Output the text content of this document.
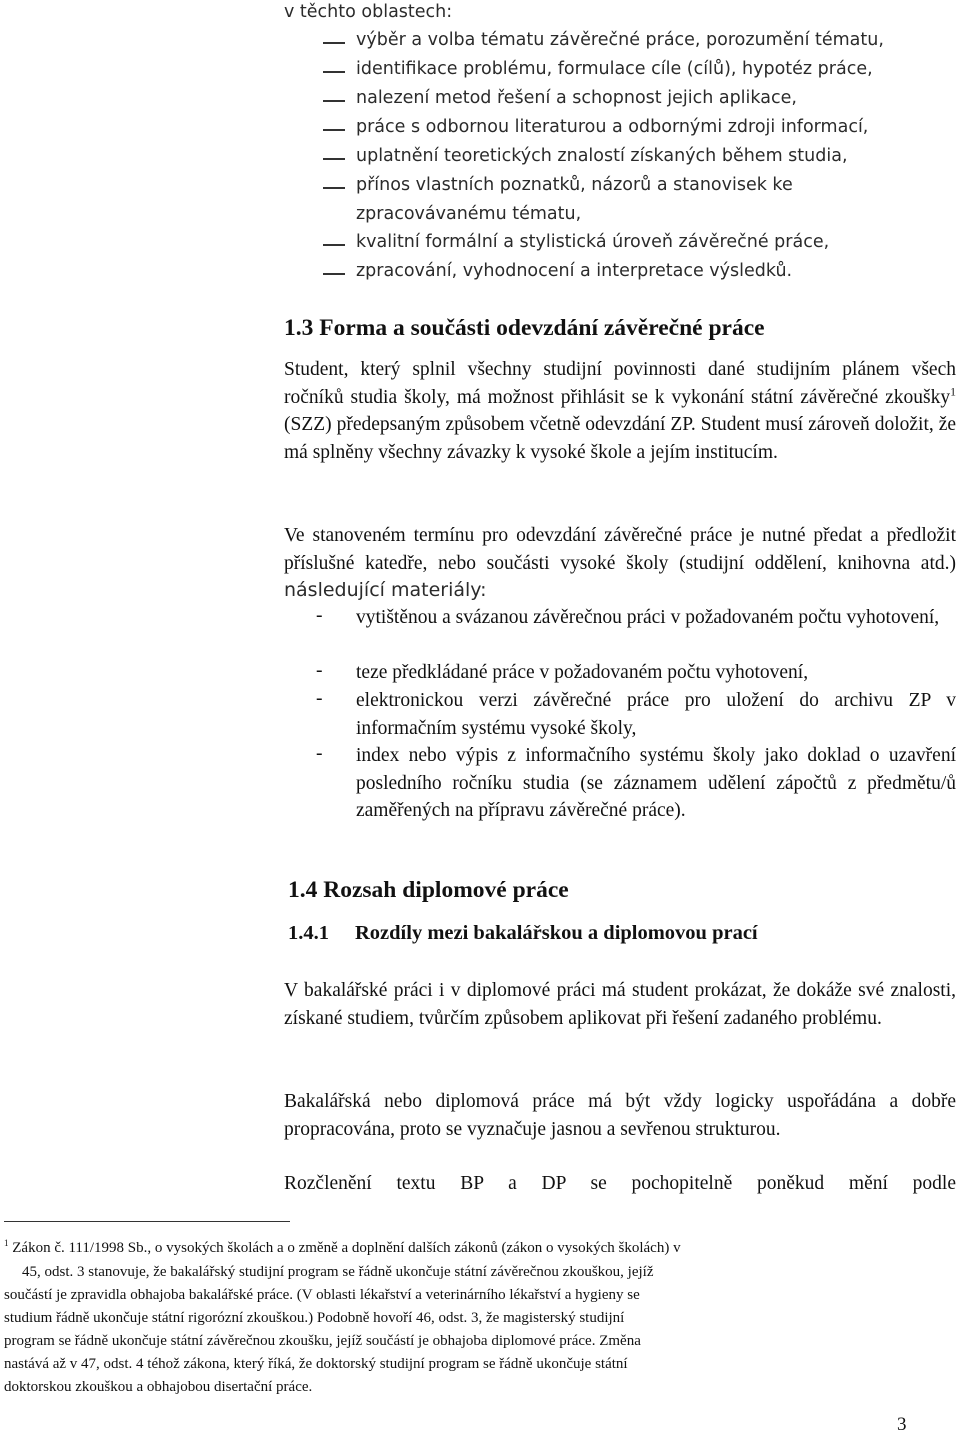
v těchto oblastech:
výběr a volba tématu závěrečné práce, porozumění tématu,
identifikace problému, formulace cíle (cílů), hypotéz práce,
nalezení metod řešení a schopnost jejich aplikace,
práce s odbornou literaturou a odbornými zdroji informací,
uplatnění teoretických znalostí získaných během studia,
přínos vlastních poznatků, názorů a stanovisek ke
zpracovávanému tématu,
kvalitní formální a stylistická úroveň závěrečné práce,
zpracování, vyhodnocení a interpretace výsledků.
1.3 Forma a součásti odevzdání závěrečné práce
Student, který splnil všechny studijní povinnosti dané studijním plánem všech ročníků studia školy, má možnost přihlásit se k vykonání státní závěrečné zkoušky$^1$ (SZZ) předepsaným způsobem včetně odevzdání ZP. Student musí zároveň doložit, že má splněny všechny závazky k vysoké škole a jejím institucím.
Ve stanoveném termínu pro odevzdání závěrečné práce je nutné předat a předložit příslušné katedře, nebo součásti vysoké školy (studijní oddělení, knihovna atd.) následující materiály:
- vytištěnou a svázanou závěrečnou práci v požadovaném počtu vyhotovení,
- teze předkládané práce v požadovaném počtu vyhotovení,
- elektronickou verzi závěrečné práce pro uložení do archivu ZP v informačním systému vysoké školy,
- index nebo výpis z informačního systému školy jako doklad o uzavření posledního ročníku studia (se záznamem udělení zápočtů z předmětu/ů zaměřených na přípravu závěrečné práce).
1.4 Rozsah diplomové práce
1.4.1 Rozdíly mezi bakalářskou a diplomovou prací
V bakalářské práci i v diplomové práci má student prokázat, že dokáže své znalosti, získané studiem, tvůrčím způsobem aplikovat při řešení zadaného problému.
Bakalářská nebo diplomová práce má být vždy logicky uspořádána a dobře propracována, proto se vyznačuje jasnou a sevřenou strukturou.
Rozčlenění textu BP a DP se pochopitelně poněkud mění podle
$^1$ Zákon č. 111/1998 Sb., o vysokých školách a o změně a doplnění dalších zákonů (zákon o vysokých školách) v
45, odst. 3 stanovuje, že bakalářský studijní program se řádně ukončuje státní závěrečnou zkouškou, jejíž
součástí je zpravidla obhajoba bakalářské práce. (V oblasti lékařství a veterinárního lékařství a hygieny se
studium řádně ukončuje státní rigorózní zkouškou.) Podobně hovoří 46, odst. 3, že magisterský studijní
program se řádně ukončuje státní závěrečnou zkoušku, jejíž součástí je obhajoba diplomové práce. Změna
nastává až v 47, odst. 4 téhož zákona, který říká, že doktorský studijní program se řádně ukončuje státní
doktorskou zkouškou a obhajobou disertační práce.
3
